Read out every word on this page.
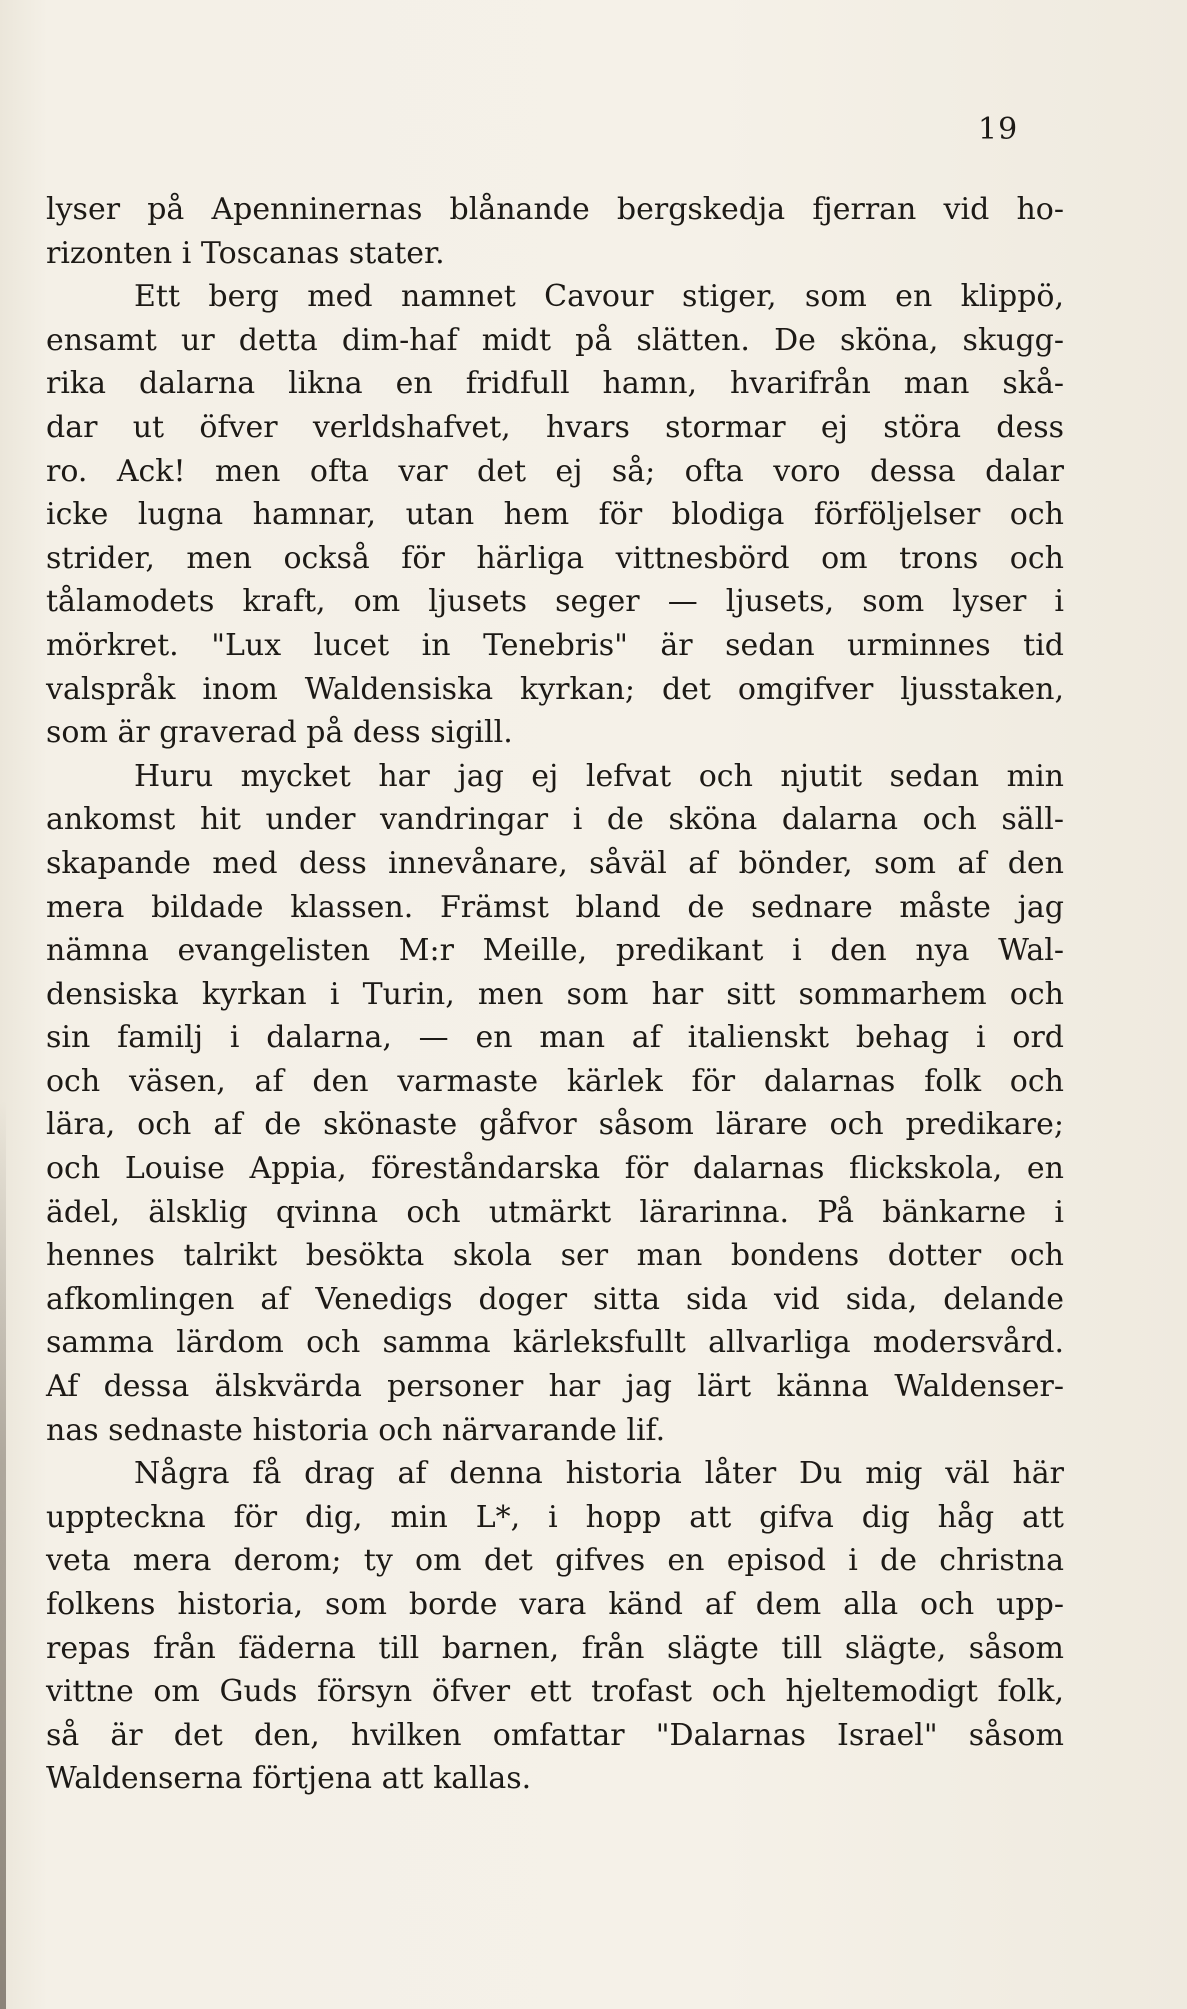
19
lyser på Apenninernas blånande bergskedja fjerran vid ho-
rizonten i Toscanas stater.
Ett berg med namnet Cavour stiger, som en klippö,
ensamt ur detta dim-haf midt på slätten. De sköna, skugg-
rika dalarna likna en fridfull hamn, hvarifrån man skå-
dar ut öfver verldshafvet, hvars stormar ej störa dess
ro. Ack! men ofta var det ej så; ofta voro dessa dalar
icke lugna hamnar, utan hem för blodiga förföljelser och
strider, men också för härliga vittnesbörd om trons och
tålamodets kraft, om ljusets seger — ljusets, som lyser i
mörkret. "Lux lucet in Tenebris" är sedan urminnes tid
valspråk inom Waldensiska kyrkan; det omgifver ljusstaken,
som är graverad på dess sigill.
Huru mycket har jag ej lefvat och njutit sedan min
ankomst hit under vandringar i de sköna dalarna och säll-
skapande med dess innevånare, såväl af bönder, som af den
mera bildade klassen. Främst bland de sednare måste jag
nämna evangelisten M:r Meille, predikant i den nya Wal-
densiska kyrkan i Turin, men som har sitt sommarhem och
sin familj i dalarna, — en man af italienskt behag i ord
och väsen, af den varmaste kärlek för dalarnas folk och
lära, och af de skönaste gåfvor såsom lärare och predikare;
och Louise Appia, föreståndarska för dalarnas flickskola, en
ädel, älsklig qvinna och utmärkt lärarinna. På bänkarne i
hennes talrikt besökta skola ser man bondens dotter och
afkomlingen af Venedigs doger sitta sida vid sida, delande
samma lärdom och samma kärleksfullt allvarliga modersvård.
Af dessa älskvärda personer har jag lärt känna Waldenser-
nas sednaste historia och närvarande lif.
Några få drag af denna historia låter Du mig väl här
uppteckna för dig, min L*, i hopp att gifva dig håg att
veta mera derom; ty om det gifves en episod i de christna
folkens historia, som borde vara känd af dem alla och upp-
repas från fäderna till barnen, från slägte till slägte, såsom
vittne om Guds försyn öfver ett trofast och hjeltemodigt folk,
så är det den, hvilken omfattar "Dalarnas Israel" såsom
Waldenserna förtjena att kallas.
